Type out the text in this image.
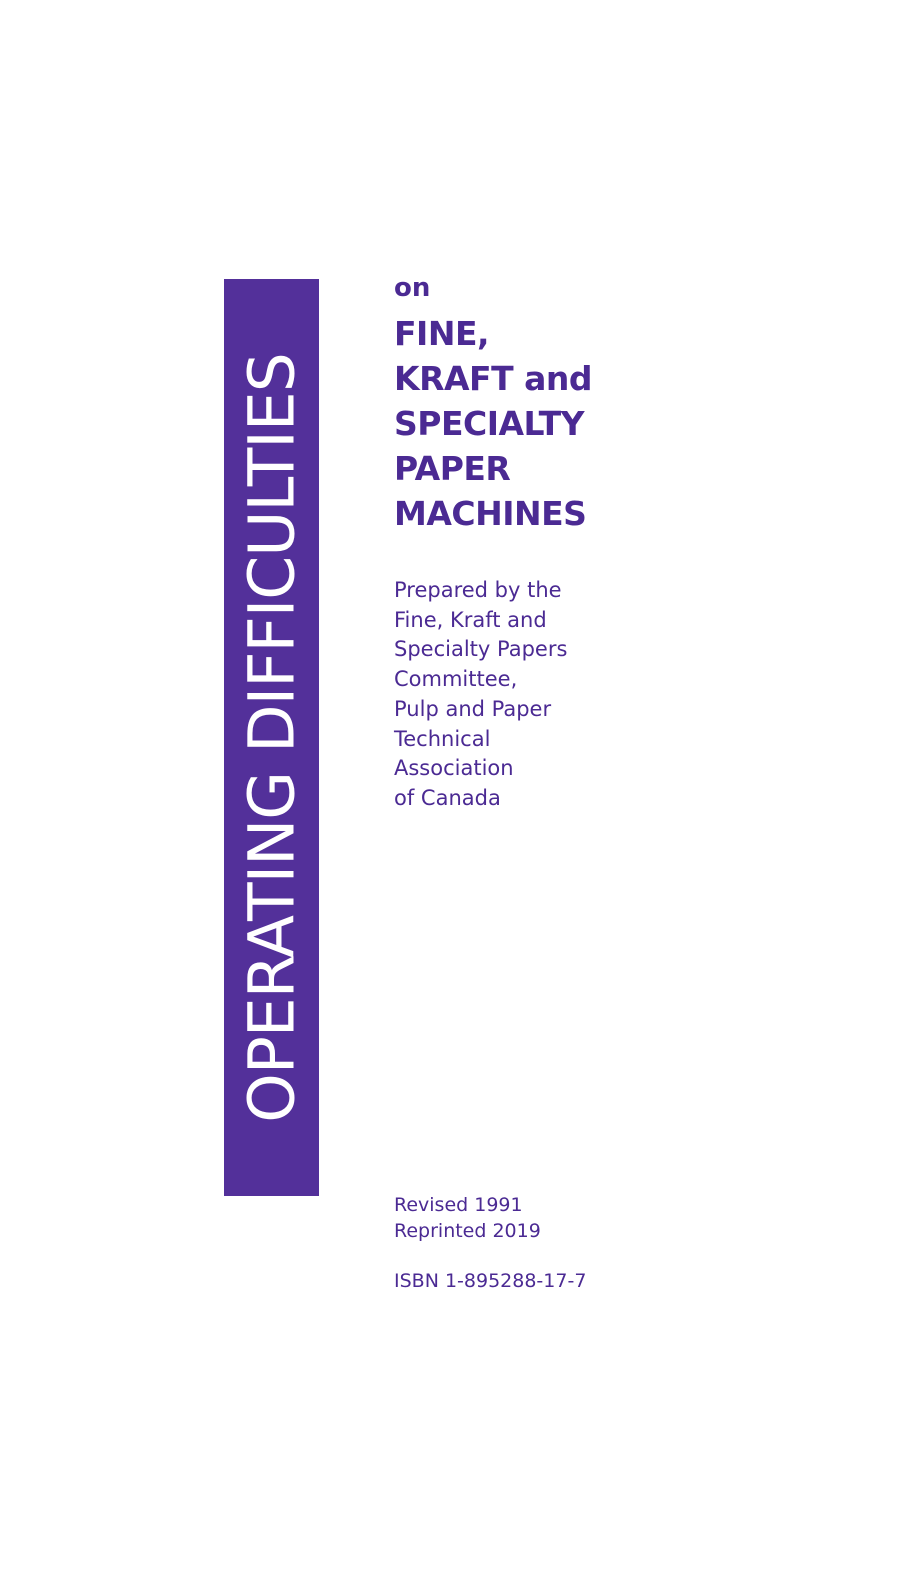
OPERATING DIFFICULTIES
on
FINE,
KRAFT and
SPECIALTY
PAPER
MACHINES
Prepared by the
Fine, Kraft and
Specialty Papers
Committee,
Pulp and Paper
Technical
Association
of Canada
Revised 1991
Reprinted 2019
ISBN 1-895288-17-7
